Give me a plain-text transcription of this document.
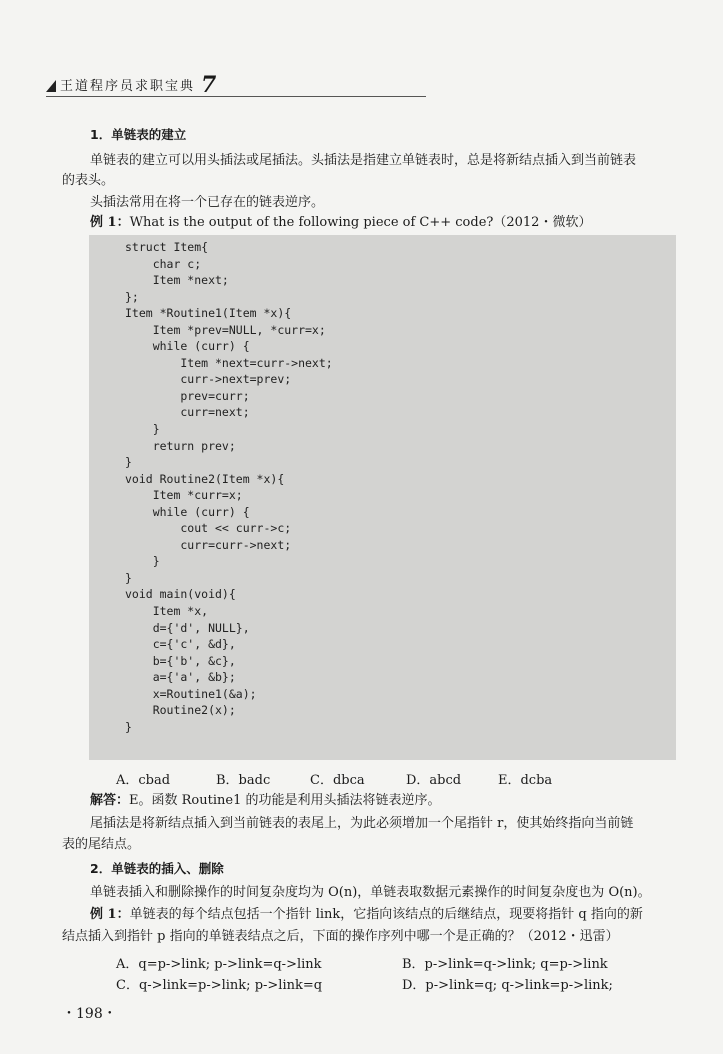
王道程序员求职宝典 7
1．单链表的建立
单链表的建立可以用头插法或尾插法。头插法是指建立单链表时，总是将新结点插入到当前链表
的表头。
头插法常用在将一个已存在的链表逆序。
例 1：What is the output of the following piece of C++ code?（2012・微软）
struct Item{
char c;
Item *next;
};
Item *Routine1(Item *x){
Item *prev=NULL, *curr=x;
while (curr) {
Item *next=curr->next;
curr->next=prev;
prev=curr;
curr=next;
}
return prev;
}
void Routine2(Item *x){
Item *curr=x;
while (curr) {
cout << curr->c;
curr=curr->next;
}
}
void main(void){
Item *x,
d={'d', NULL},
c={'c', &d},
b={'b', &c},
a={'a', &b};
x=Routine1(&a);
Routine2(x);
}
A．cbad	B．badc	C．dbca	D．abcd	E．dcba
解答：E。函数 Routine1 的功能是利用头插法将链表逆序。
尾插法是将新结点插入到当前链表的表尾上，为此必须增加一个尾指针 r，使其始终指向当前链
表的尾结点。
2．单链表的插入、删除
单链表插入和删除操作的时间复杂度均为 O(n)，单链表取数据元素操作的时间复杂度也为 O(n)。
例 1：单链表的每个结点包括一个指针 link，它指向该结点的后继结点，现要将指针 q 指向的新
结点插入到指针 p 指向的单链表结点之后，下面的操作序列中哪一个是正确的？（2012・迅雷）
A．q=p->link; p->link=q->link	B．p->link=q->link; q=p->link
C．q->link=p->link; p->link=q	D．p->link=q; q->link=p->link;
・198・
